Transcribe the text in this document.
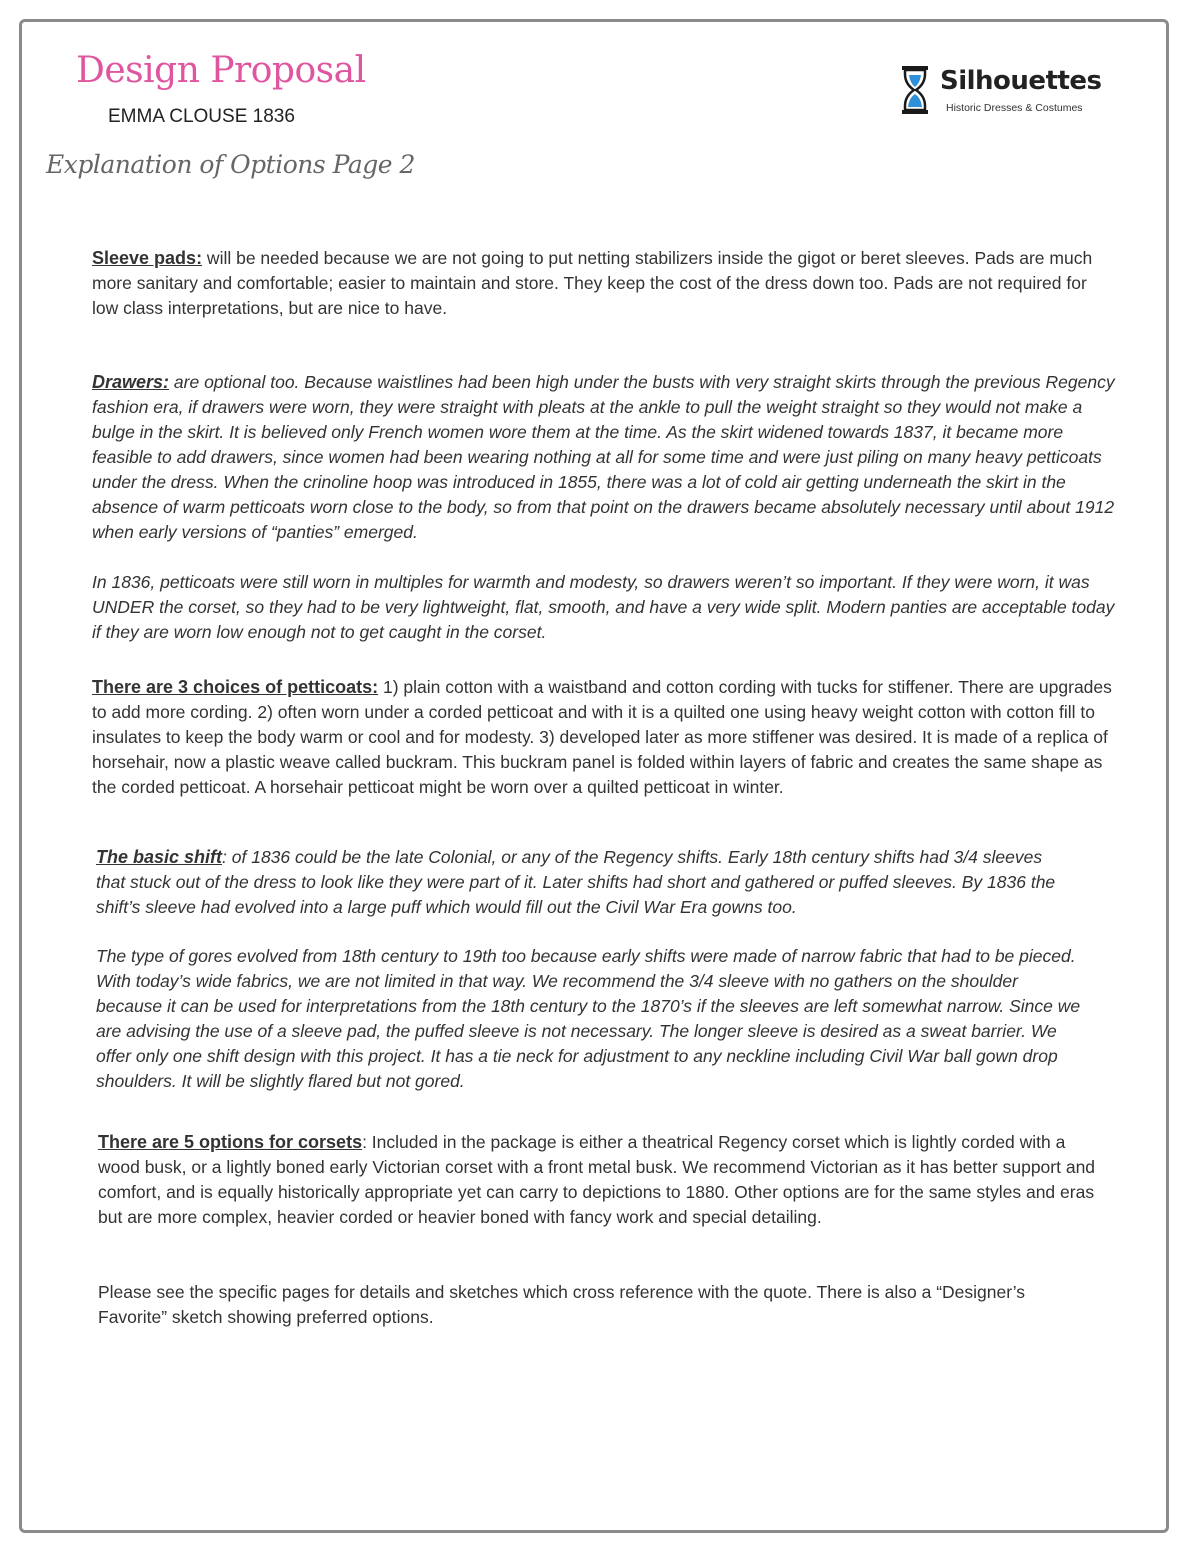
Design Proposal
EMMA CLOUSE 1836
Explanation of Options Page 2
Silhouettes
Historic Dresses & Costumes

Sleeve pads: will be needed because we are not going to put netting stabilizers inside the gigot or beret sleeves. Pads are much more sanitary and comfortable; easier to maintain and store. They keep the cost of the dress down too. Pads are not required for low class interpretations, but are nice to have.

Drawers: are optional too. Because waistlines had been high under the busts with very straight skirts through the previous Regency fashion era, if drawers were worn, they were straight with pleats at the ankle to pull the weight straight so they would not make a bulge in the skirt. It is believed only French women wore them at the time. As the skirt widened towards 1837, it became more feasible to add drawers, since women had been wearing nothing at all for some time and were just piling on many heavy petticoats under the dress. When the crinoline hoop was introduced in 1855, there was a lot of cold air getting underneath the skirt in the absence of warm petticoats worn close to the body, so from that point on the drawers became absolutely necessary until about 1912 when early versions of “panties” emerged.

In 1836, petticoats were still worn in multiples for warmth and modesty, so drawers weren’t so important. If they were worn, it was UNDER the corset, so they had to be very lightweight, flat, smooth, and have a very wide split. Modern panties are acceptable today if they are worn low enough not to get caught in the corset.

There are 3 choices of petticoats: 1) plain cotton with a waistband and cotton cording with tucks for stiffener. There are upgrades to add more cording. 2) often worn under a corded petticoat and with it is a quilted one using heavy weight cotton with cotton fill to insulates to keep the body warm or cool and for modesty. 3) developed later as more stiffener was desired. It is made of a replica of horsehair, now a plastic weave called buckram. This buckram panel is folded within layers of fabric and creates the same shape as the corded petticoat. A horsehair petticoat might be worn over a quilted petticoat in winter.

The basic shift: of 1836 could be the late Colonial, or any of the Regency shifts. Early 18th century shifts had 3/4 sleeves that stuck out of the dress to look like they were part of it. Later shifts had short and gathered or puffed sleeves. By 1836 the shift’s sleeve had evolved into a large puff which would fill out the Civil War Era gowns too.

The type of gores evolved from 18th century to 19th too because early shifts were made of narrow fabric that had to be pieced. With today’s wide fabrics, we are not limited in that way. We recommend the 3/4 sleeve with no gathers on the shoulder because it can be used for interpretations from the 18th century to the 1870’s if the sleeves are left somewhat narrow. Since we are advising the use of a sleeve pad, the puffed sleeve is not necessary. The longer sleeve is desired as a sweat barrier. We offer only one shift design with this project. It has a tie neck for adjustment to any neckline including Civil War ball gown drop shoulders. It will be slightly flared but not gored.

There are 5 options for corsets: Included in the package is either a theatrical Regency corset which is lightly corded with a wood busk, or a lightly boned early Victorian corset with a front metal busk. We recommend Victorian as it has better support and comfort, and is equally historically appropriate yet can carry to depictions to 1880. Other options are for the same styles and eras but are more complex, heavier corded or heavier boned with fancy work and special detailing.

Please see the specific pages for details and sketches which cross reference with the quote. There is also a “Designer’s Favorite” sketch showing preferred options.
